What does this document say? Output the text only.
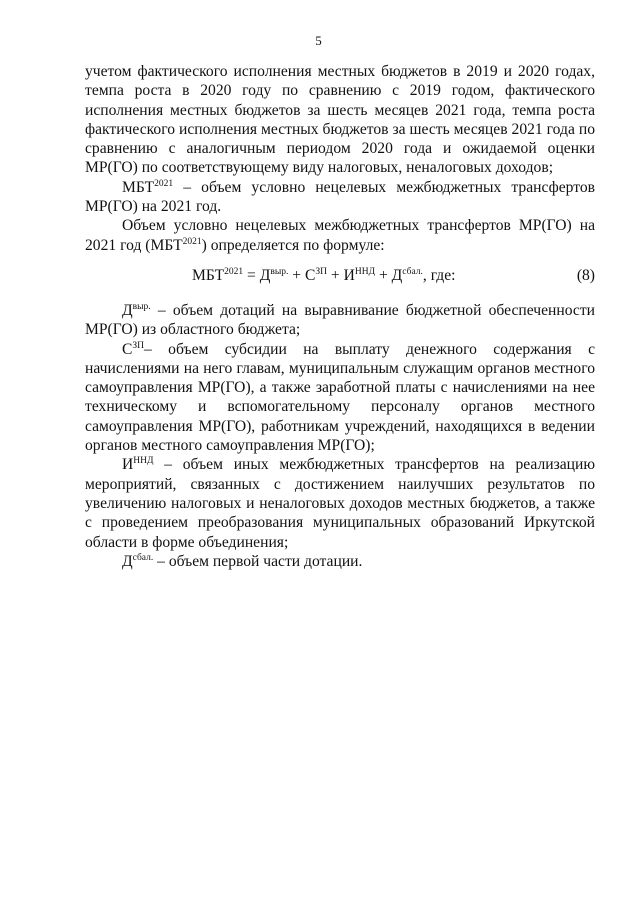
5

учетом фактического исполнения местных бюджетов в 2019 и 2020 годах, темпа роста в 2020 году по сравнению с 2019 годом, фактического исполнения местных бюджетов за шесть месяцев 2021 года, темпа роста фактического исполнения местных бюджетов за шесть месяцев 2021 года по сравнению с аналогичным периодом 2020 года и ожидаемой оценки МР(ГО) по соответствующему виду налоговых, неналоговых доходов;

$МБТ^{2021}$ – объем условно нецелевых межбюджетных трансфертов МР(ГО) на 2021 год.

Объем условно нецелевых межбюджетных трансфертов МР(ГО) на 2021 год $(МБТ^{2021})$ определяется по формуле:

$МБТ^{2021} = Д^{выр.} + С^{ЗП} + И^{ННД} + Д^{сбал.}$, где:	(8)

$Д^{выр.}$ – объем дотаций на выравнивание бюджетной обеспеченности МР(ГО) из областного бюджета;

$С^{ЗП}-$ объем субсидии на выплату денежного содержания с начислениями на него главам, муниципальным служащим органов местного самоуправления МР(ГО), а также заработной платы с начислениями на нее техническому и вспомогательному персоналу органов местного самоуправления МР(ГО), работникам учреждений, находящихся в ведении органов местного самоуправления МР(ГО);

$И^{ННД}$ – объем иных межбюджетных трансфертов на реализацию мероприятий, связанных с достижением наилучших результатов по увеличению налоговых и неналоговых доходов местных бюджетов, а также с проведением преобразования муниципальных образований Иркутской области в форме объединения;

$Д^{сбал.}$ – объем первой части дотации.
